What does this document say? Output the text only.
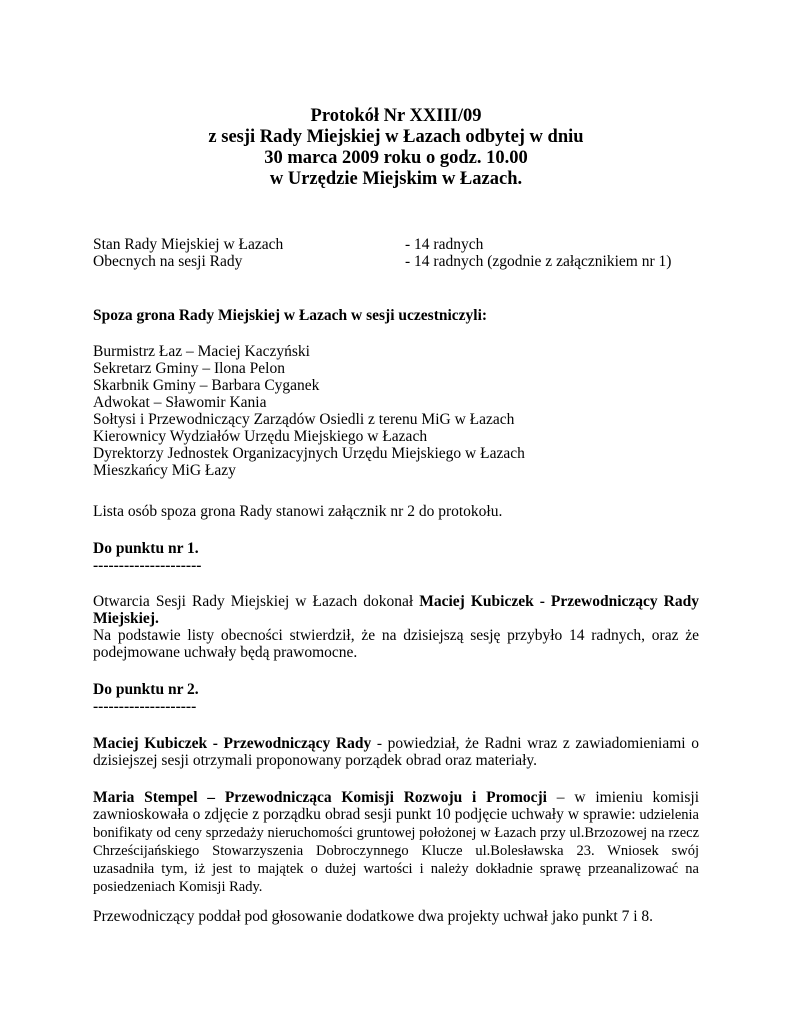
Protokół Nr XXIII/09
z sesji Rady Miejskiej w Łazach odbytej w dniu
30 marca 2009 roku o godz. 10.00
w Urzędzie Miejskim w Łazach.
Stan Rady Miejskiej w Łazach	- 14 radnych
Obecnych na sesji Rady	- 14 radnych (zgodnie z załącznikiem nr 1)
Spoza grona Rady Miejskiej w Łazach w sesji uczestniczyli:
Burmistrz Łaz – Maciej Kaczyński
Sekretarz Gminy – Ilona Pelon
Skarbnik Gminy – Barbara Cyganek
Adwokat – Sławomir Kania
Sołtysi i Przewodniczący Zarządów Osiedli z terenu MiG w Łazach
Kierownicy Wydziałów Urzędu Miejskiego w Łazach
Dyrektorzy Jednostek Organizacyjnych Urzędu Miejskiego w Łazach
Mieszkańcy MiG Łazy
Lista osób spoza grona Rady stanowi załącznik nr 2 do protokołu.
Do punktu nr 1.
---------------------
Otwarcia Sesji Rady Miejskiej w Łazach dokonał Maciej Kubiczek - Przewodniczący Rady Miejskiej.
Na podstawie listy obecności stwierdził, że na dzisiejszą sesję przybyło 14 radnych, oraz że podejmowane uchwały będą prawomocne.
Do punktu nr 2.
--------------------
Maciej Kubiczek - Przewodniczący Rady - powiedział, że Radni wraz z zawiadomieniami o dzisiejszej sesji otrzymali proponowany porządek obrad oraz materiały.
Maria Stempel – Przewodnicząca Komisji Rozwoju i Promocji – w imieniu komisji zawnioskowała o zdjęcie z porządku obrad sesji punkt 10 podjęcie uchwały w sprawie: udzielenia bonifikaty od ceny sprzedaży nieruchomości gruntowej położonej w Łazach przy ul.Brzozowej na rzecz Chrześcijańskiego Stowarzyszenia Dobroczynnego Klucze ul.Bolesławska 23. Wniosek swój uzasadniła tym, iż jest to majątek o dużej wartości i należy dokładnie sprawę przeanalizować na posiedzeniach Komisji Rady.
Przewodniczący poddał pod głosowanie dodatkowe dwa projekty uchwał jako punkt 7 i 8.
